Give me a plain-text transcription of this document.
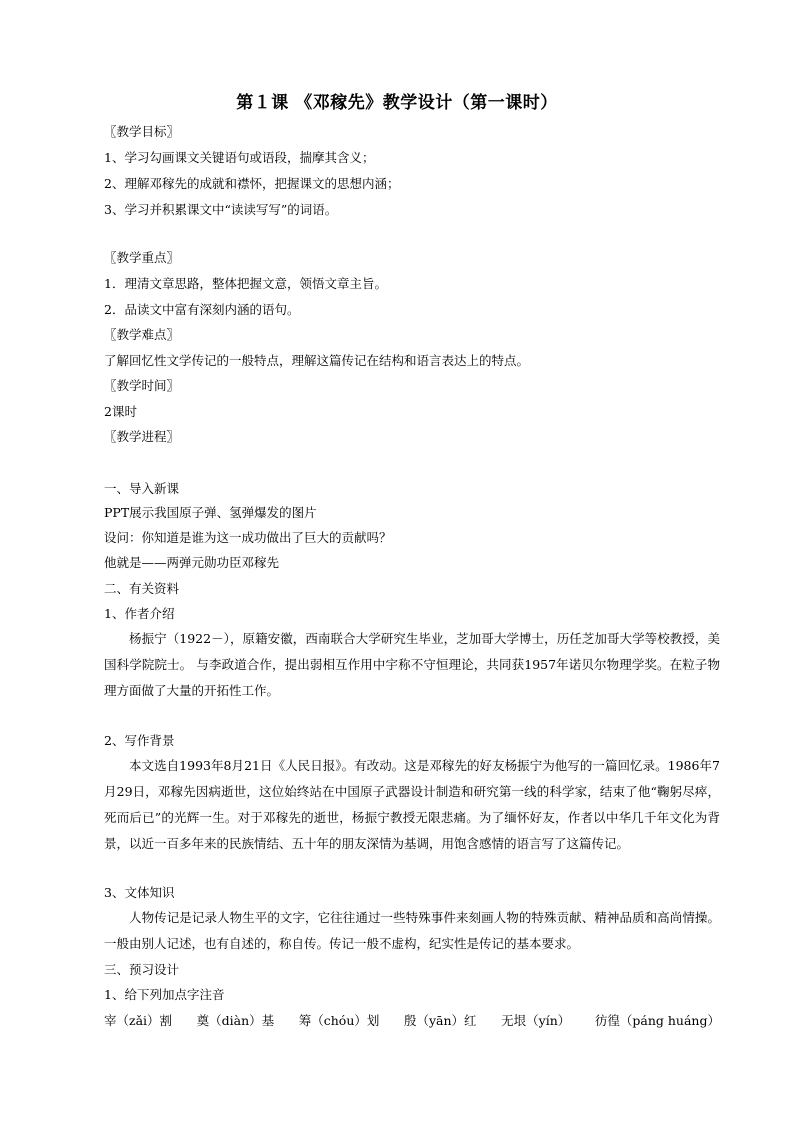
第１课 《邓稼先》教学设计（第一课时）
〖教学目标〗
1、学习勾画课文关键语句或语段，揣摩其含义；
2、理解邓稼先的成就和襟怀，把握课文的思想内涵；
3、学习并积累课文中“读读写写”的词语。
〖教学重点〗
1．理清文章思路，整体把握文意，领悟文章主旨。
2．品读文中富有深刻内涵的语句。
〖教学难点〗
了解回忆性文学传记的一般特点，理解这篇传记在结构和语言表达上的特点。
〖教学时间〗
2课时
〖教学进程〗
一、导入新课
PPT展示我国原子弹、氢弹爆发的图片
设问：你知道是谁为这一成功做出了巨大的贡献吗？
他就是——两弹元勋功臣邓稼先
二、有关资料
1、作者介绍
杨振宁（1922－），原籍安徽，西南联合大学研究生毕业，芝加哥大学博士，历任芝加哥大学等校教授，美国科学院院士。 与李政道合作，提出弱相互作用中宇称不守恒理论，共同获1957年诺贝尔物理学奖。在粒子物理方面做了大量的开拓性工作。
2、写作背景
本文选自1993年8月21日《人民日报》。有改动。这是邓稼先的好友杨振宁为他写的一篇回忆录。1986年7月29日，邓稼先因病逝世，这位始终站在中国原子武器设计制造和研究第一线的科学家，结束了他“鞠躬尽瘁，死而后已”的光辉一生。对于邓稼先的逝世，杨振宁教授无限悲痛。为了缅怀好友，作者以中华几千年文化为背景，以近一百多年来的民族情结、五十年的朋友深情为基调，用饱含感情的语言写了这篇传记。
3、文体知识
人物传记是记录人物生平的文字，它往往通过一些特殊事件来刻画人物的特殊贡献、精神品质和高尚情操。一般由别人记述，也有自述的，称自传。传记一般不虚构，纪实性是传记的基本要求。
三、预习设计
1、给下列加点字注音
宰（zǎi）割 奠（diàn）基 筹（chóu）划 殷（yān）红 无垠（yín） 彷徨（páng huáng）
